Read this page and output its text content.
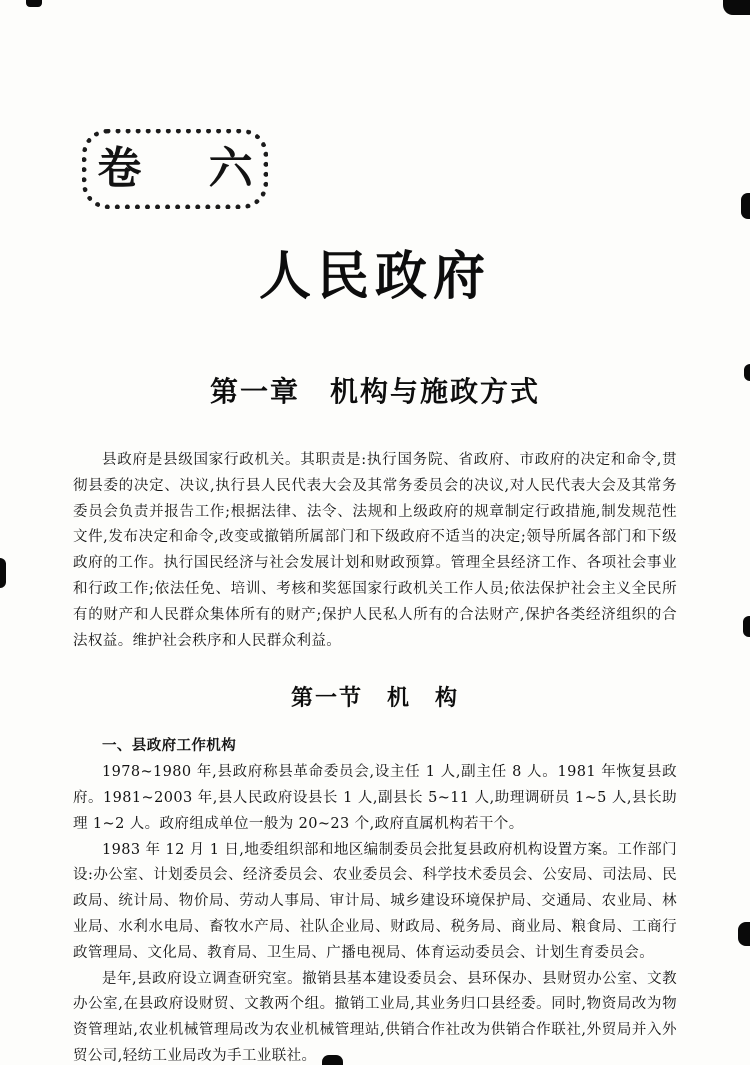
卷 六
人民政府
第一章　机构与施政方式

县政府是县级国家行政机关。其职责是:执行国务院、省政府、市政府的决定和命令,贯彻县委的决定、决议,执行县人民代表大会及其常务委员会的决议,对人民代表大会及其常务委员会负责并报告工作;根据法律、法令、法规和上级政府的规章制定行政措施,制发规范性文件,发布决定和命令,改变或撤销所属部门和下级政府不适当的决定;领导所属各部门和下级政府的工作。执行国民经济与社会发展计划和财政预算。管理全县经济工作、各项社会事业和行政工作;依法任免、培训、考核和奖惩国家行政机关工作人员;依法保护社会主义全民所有的财产和人民群众集体所有的财产;保护人民私人所有的合法财产,保护各类经济组织的合法权益。维护社会秩序和人民群众利益。

第一节　机　构

一、县政府工作机构

1978~1980 年,县政府称县革命委员会,设主任 1 人,副主任 8 人。1981 年恢复县政府。1981~2003 年,县人民政府设县长 1 人,副县长 5~11 人,助理调研员 1~5 人,县长助理 1~2 人。政府组成单位一般为 20~23 个,政府直属机构若干个。

1983 年 12 月 1 日,地委组织部和地区编制委员会批复县政府机构设置方案。工作部门设:办公室、计划委员会、经济委员会、农业委员会、科学技术委员会、公安局、司法局、民政局、统计局、物价局、劳动人事局、审计局、城乡建设环境保护局、交通局、农业局、林业局、水利水电局、畜牧水产局、社队企业局、财政局、税务局、商业局、粮食局、工商行政管理局、文化局、教育局、卫生局、广播电视局、体育运动委员会、计划生育委员会。

是年,县政府设立调查研究室。撤销县基本建设委员会、县环保办、县财贸办公室、文教办公室,在县政府设财贸、文教两个组。撤销工业局,其业务归口县经委。同时,物资局改为物资管理站,农业机械管理局改为农业机械管理站,供销合作社改为供销合作联社,外贸局并入外贸公司,轻纺工业局改为手工业联社。
